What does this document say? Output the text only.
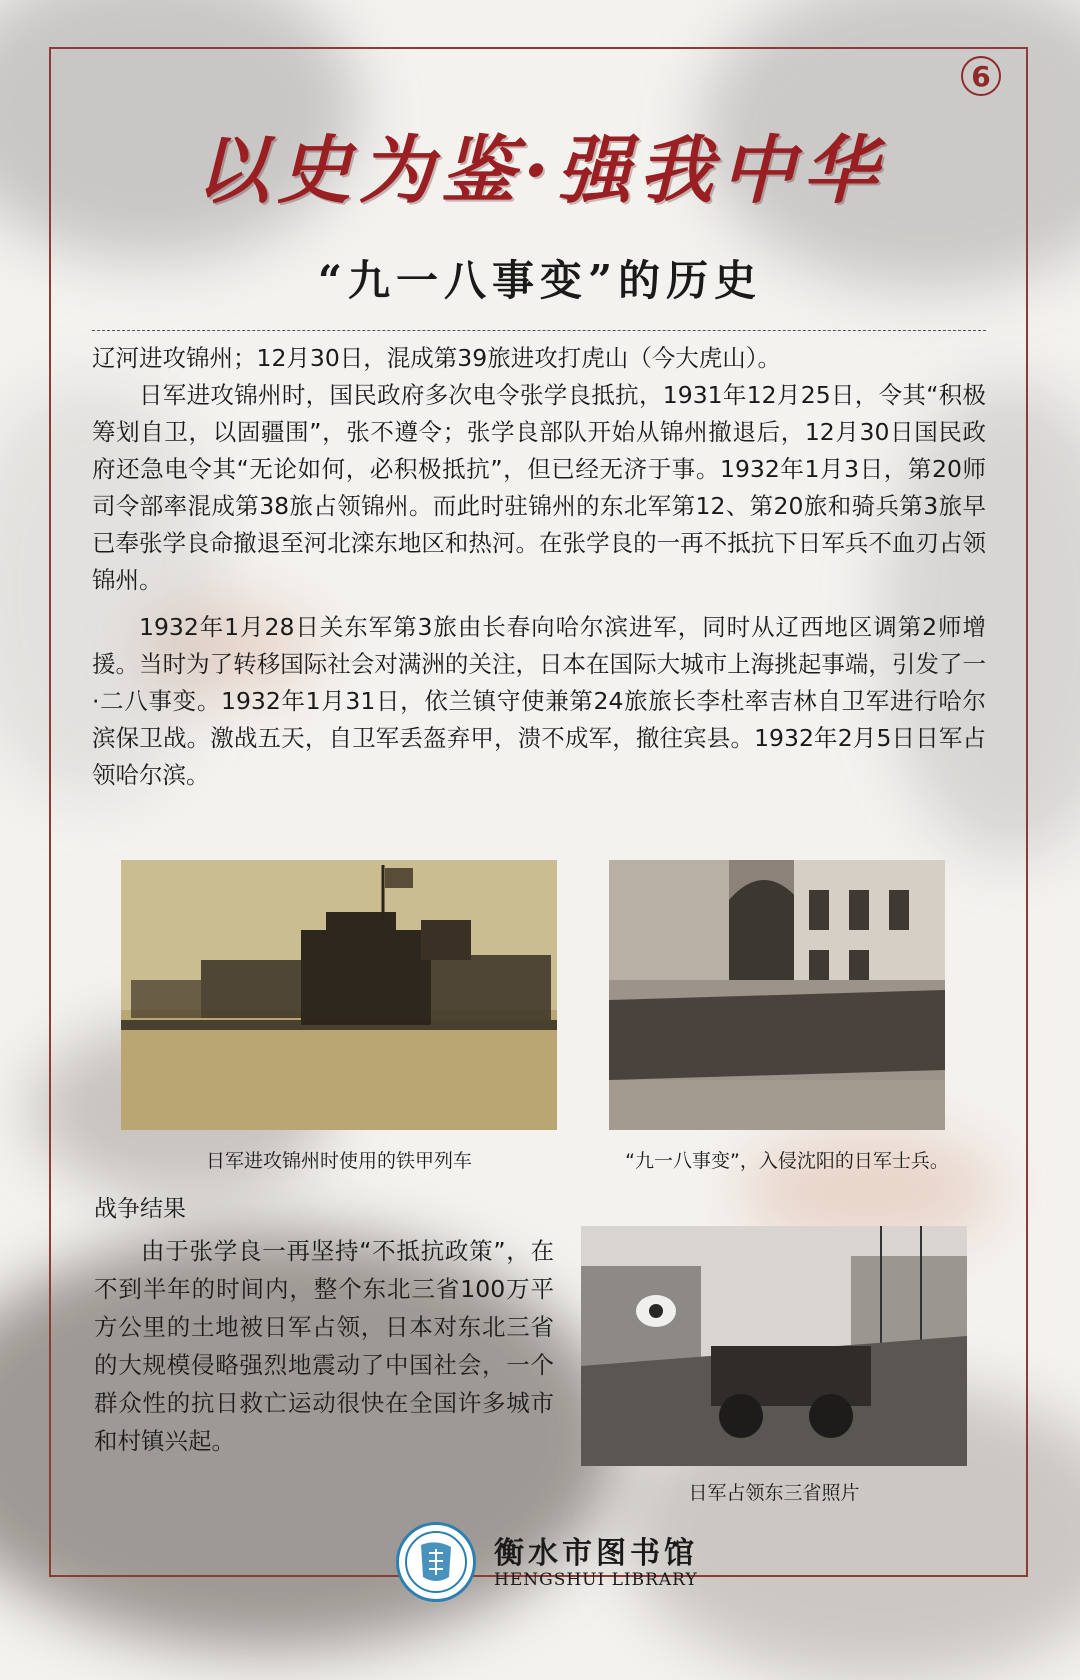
6
以史为鉴·强我中华
“九一八事变”的历史

辽河进攻锦州；12月30日，混成第39旅进攻打虎山（今大虎山）。

日军进攻锦州时，国民政府多次电令张学良抵抗，1931年12月25日，令其“积极筹划自卫，以固疆围”，张不遵令；张学良部队开始从锦州撤退后，12月30日国民政府还急电令其“无论如何，必积极抵抗”，但已经无济于事。1932年1月3日，第20师司令部率混成第38旅占领锦州。而此时驻锦州的东北军第12、第20旅和骑兵第3旅早已奉张学良命撤退至河北滦东地区和热河。在张学良的一再不抵抗下日军兵不血刃占领锦州。

1932年1月28日关东军第3旅由长春向哈尔滨进军，同时从辽西地区调第2师增援。当时为了转移国际社会对满洲的关注，日本在国际大城市上海挑起事端，引发了一·二八事变。1932年1月31日，依兰镇守使兼第24旅旅长李杜率吉林自卫军进行哈尔滨保卫战。激战五天，自卫军丢盔弃甲，溃不成军，撤往宾县。1932年2月5日日军占领哈尔滨。

日军进攻锦州时使用的铁甲列车	“九一八事变”，入侵沈阳的日军士兵。
战争结果

由于张学良一再坚持“不抵抗政策”，在不到半年的时间内，整个东北三省100万平方公里的土地被日军占领，日本对东北三省的大规模侵略强烈地震动了中国社会，一个群众性的抗日救亡运动很快在全国许多城市和村镇兴起。

日军占领东三省照片
衡水市图书馆
HENGSHUI LIBRARY
